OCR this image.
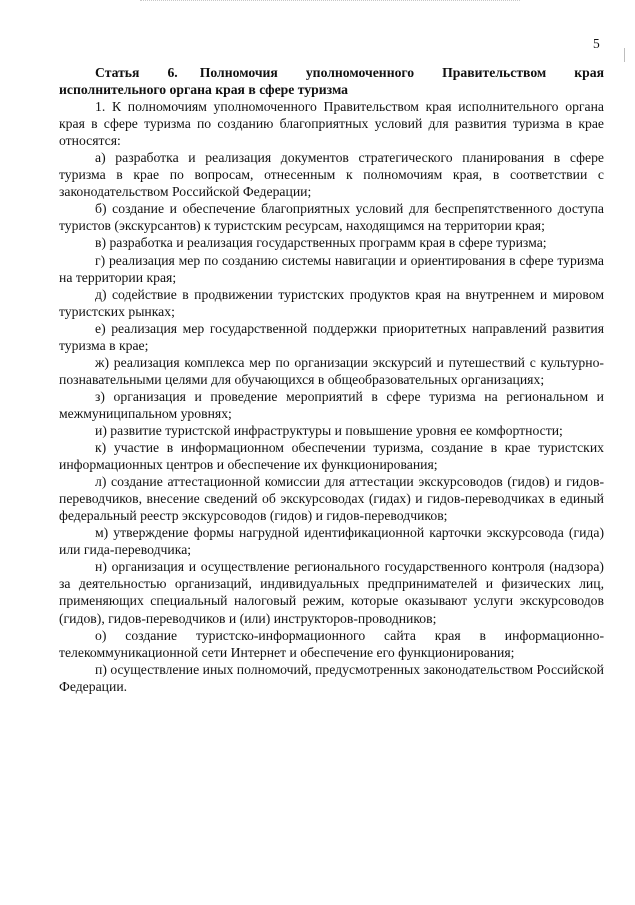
5

Статья 6. Полномочия уполномоченного Правительством края исполнительного органа края в сфере туризма

1. К полномочиям уполномоченного Правительством края исполнительного органа края в сфере туризма по созданию благоприятных условий для развития туризма в крае относятся:

а) разработка и реализация документов стратегического планирования в сфере туризма в крае по вопросам, отнесенным к полномочиям края, в соответствии с законодательством Российской Федерации;

б) создание и обеспечение благоприятных условий для беспрепятственного доступа туристов (экскурсантов) к туристским ресурсам, находящимся на территории края;

в) разработка и реализация государственных программ края в сфере туризма;

г) реализация мер по созданию системы навигации и ориентирования в сфере туризма на территории края;

д) содействие в продвижении туристских продуктов края на внутреннем и мировом туристских рынках;

е) реализация мер государственной поддержки приоритетных направлений развития туризма в крае;

ж) реализация комплекса мер по организации экскурсий и путешествий с культурно-познавательными целями для обучающихся в общеобразовательных организациях;

з) организация и проведение мероприятий в сфере туризма на региональном и межмуниципальном уровнях;

и) развитие туристской инфраструктуры и повышение уровня ее комфортности;

к) участие в информационном обеспечении туризма, создание в крае туристских информационных центров и обеспечение их функционирования;

л) создание аттестационной комиссии для аттестации экскурсоводов (гидов) и гидов-переводчиков, внесение сведений об экскурсоводах (гидах) и гидов-переводчиках в единый федеральный реестр экскурсоводов (гидов) и гидов-переводчиков;

м) утверждение формы нагрудной идентификационной карточки экскурсовода (гида) или гида-переводчика;

н) организация и осуществление регионального государственного контроля (надзора) за деятельностью организаций, индивидуальных предпринимателей и физических лиц, применяющих специальный налоговый режим, которые оказывают услуги экскурсоводов (гидов), гидов-переводчиков и (или) инструкторов-проводников;

о) создание туристско-информационного сайта края в информационно-телекоммуникационной сети Интернет и обеспечение его функционирования;

п) осуществление иных полномочий, предусмотренных законодательством Российской Федерации.
